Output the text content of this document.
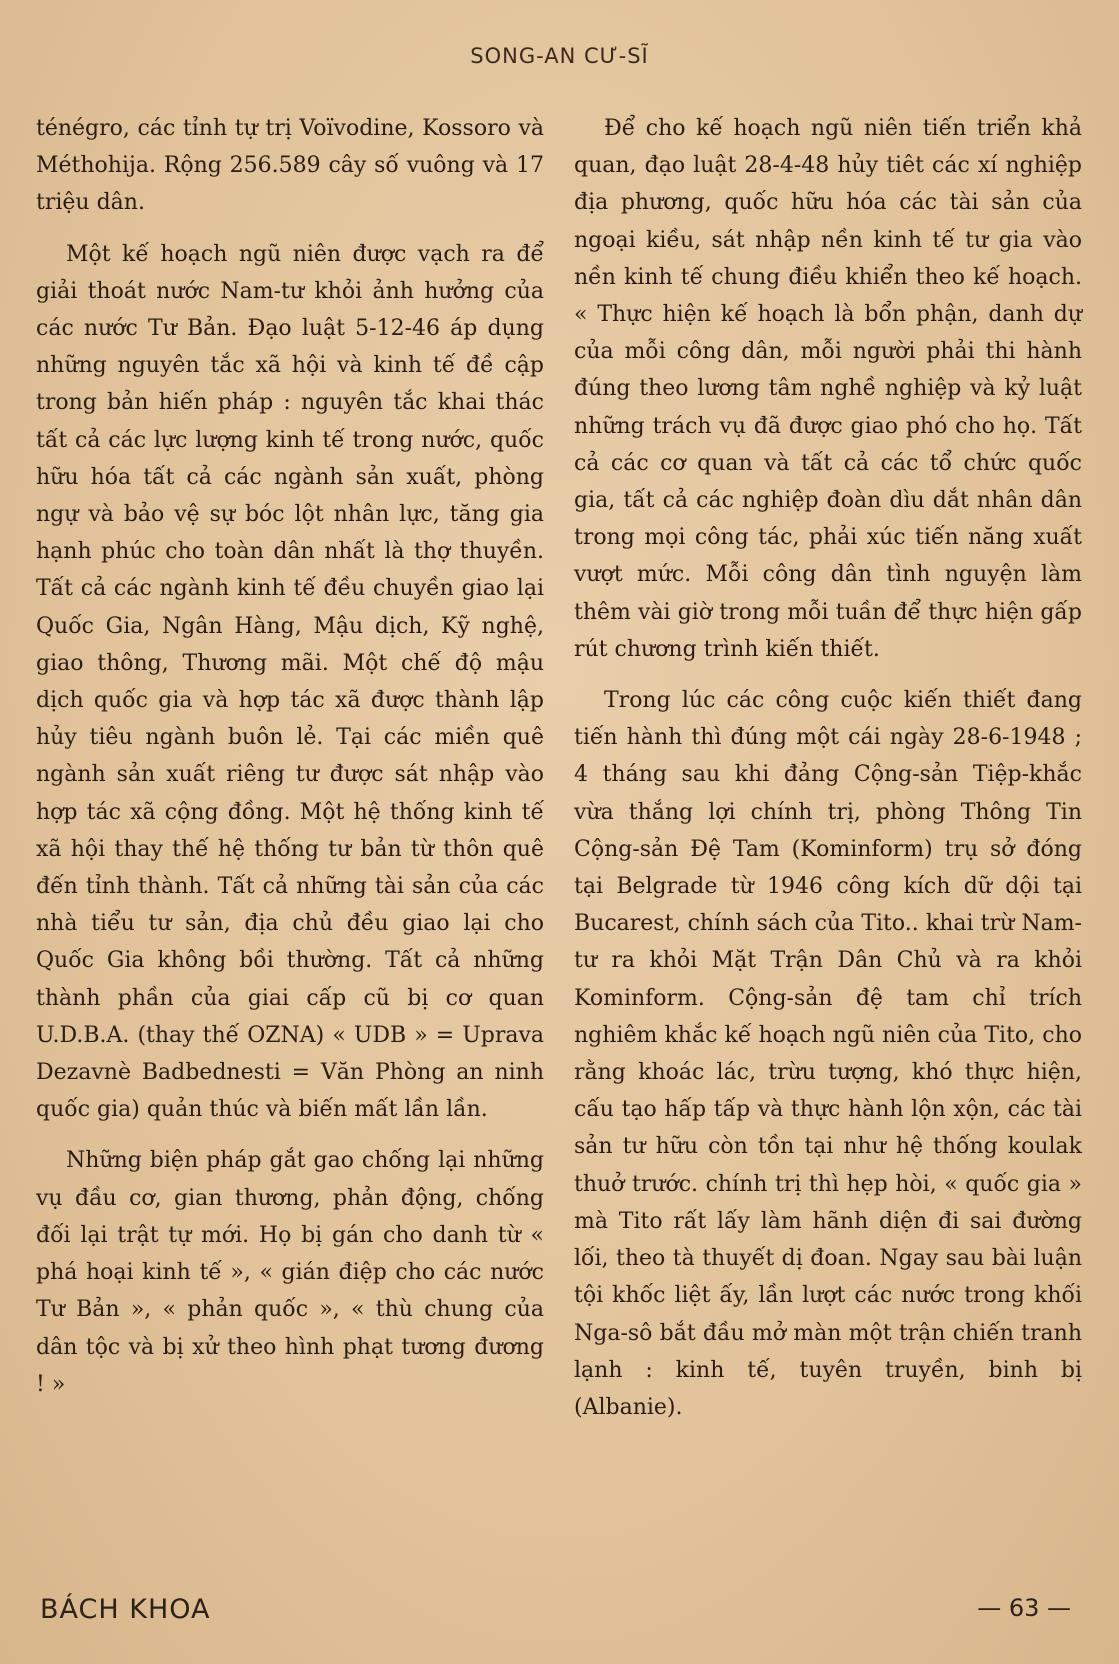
SONG-AN CƯ-SĨ

ténégro, các tỉnh tự trị Voïvodine, Kossoro và Méthohija. Rộng 256.589 cây số vuông và 17 triệu dân.

Một kế hoạch ngũ niên được vạch ra để giải thoát nước Nam-tư khỏi ảnh hưởng của các nước Tư Bản. Đạo luật 5-12-46 áp dụng những nguyên tắc xã hội và kinh tế đề cập trong bản hiến pháp : nguyên tắc khai thác tất cả các lực lượng kinh tế trong nước, quốc hữu hóa tất cả các ngành sản xuất, phòng ngự và bảo vệ sự bóc lột nhân lực, tăng gia hạnh phúc cho toàn dân nhất là thợ thuyền. Tất cả các ngành kinh tế đều chuyền giao lại Quốc Gia, Ngân Hàng, Mậu dịch, Kỹ nghệ, giao thông, Thương mãi. Một chế độ mậu dịch quốc gia và hợp tác xã được thành lập hủy tiêu ngành buôn lẻ. Tại các miền quê ngành sản xuất riêng tư được sát nhập vào hợp tác xã cộng đồng. Một hệ thống kinh tế xã hội thay thế hệ thống tư bản từ thôn quê đến tỉnh thành. Tất cả những tài sản của các nhà tiểu tư sản, địa chủ đều giao lại cho Quốc Gia không bồi thường. Tất cả những thành phần của giai cấp cũ bị cơ quan U.D.B.A. (thay thế OZNA) « UDB » = Uprava Dezavnè Badbednesti = Văn Phòng an ninh quốc gia) quản thúc và biến mất lần lần.

Những biện pháp gắt gao chống lại những vụ đầu cơ, gian thương, phản động, chống đối lại trật tự mới. Họ bị gán cho danh từ « phá hoại kinh tế », « gián điệp cho các nước Tư Bản », « phản quốc », « thù chung của dân tộc và bị xử theo hình phạt tương đương ! »

Để cho kế hoạch ngũ niên tiến triển khả quan, đạo luật 28-4-48 hủy tiêt các xí nghiệp địa phương, quốc hữu hóa các tài sản của ngoại kiều, sát nhập nền kinh tế tư gia vào nền kinh tế chung điều khiển theo kế hoạch. « Thực hiện kế hoạch là bổn phận, danh dự của mỗi công dân, mỗi người phải thi hành đúng theo lương tâm nghề nghiệp và kỷ luật những trách vụ đã được giao phó cho họ. Tất cả các cơ quan và tất cả các tổ chức quốc gia, tất cả các nghiệp đoàn dìu dắt nhân dân trong mọi công tác, phải xúc tiến năng xuất vượt mức. Mỗi công dân tình nguyện làm thêm vài giờ trong mỗi tuần để thực hiện gấp rút chương trình kiến thiết.

Trong lúc các công cuộc kiến thiết đang tiến hành thì đúng một cái ngày 28-6-1948 ; 4 tháng sau khi đảng Cộng-sản Tiệp-khắc vừa thắng lợi chính trị, phòng Thông Tin Cộng-sản Đệ Tam (Kominform) trụ sở đóng tại Belgrade từ 1946 công kích dữ dội tại Bucarest, chính sách của Tito.. khai trừ Nam-tư ra khỏi Mặt Trận Dân Chủ và ra khỏi Kominform. Cộng-sản đệ tam chỉ trích nghiêm khắc kế hoạch ngũ niên của Tito, cho rằng khoác lác, trừu tượng, khó thực hiện, cấu tạo hấp tấp và thực hành lộn xộn, các tài sản tư hữu còn tồn tại như hệ thống koulak thuở trước. chính trị thì hẹp hòi, « quốc gia » mà Tito rất lấy làm hãnh diện đi sai đường lối, theo tà thuyết dị đoan. Ngay sau bài luận tội khốc liệt ấy, lần lượt các nước trong khối Nga-sô bắt đầu mở màn một trận chiến tranh lạnh : kinh tế, tuyên truyền, binh bị (Albanie).

BÁCH KHOA	— 63 —
